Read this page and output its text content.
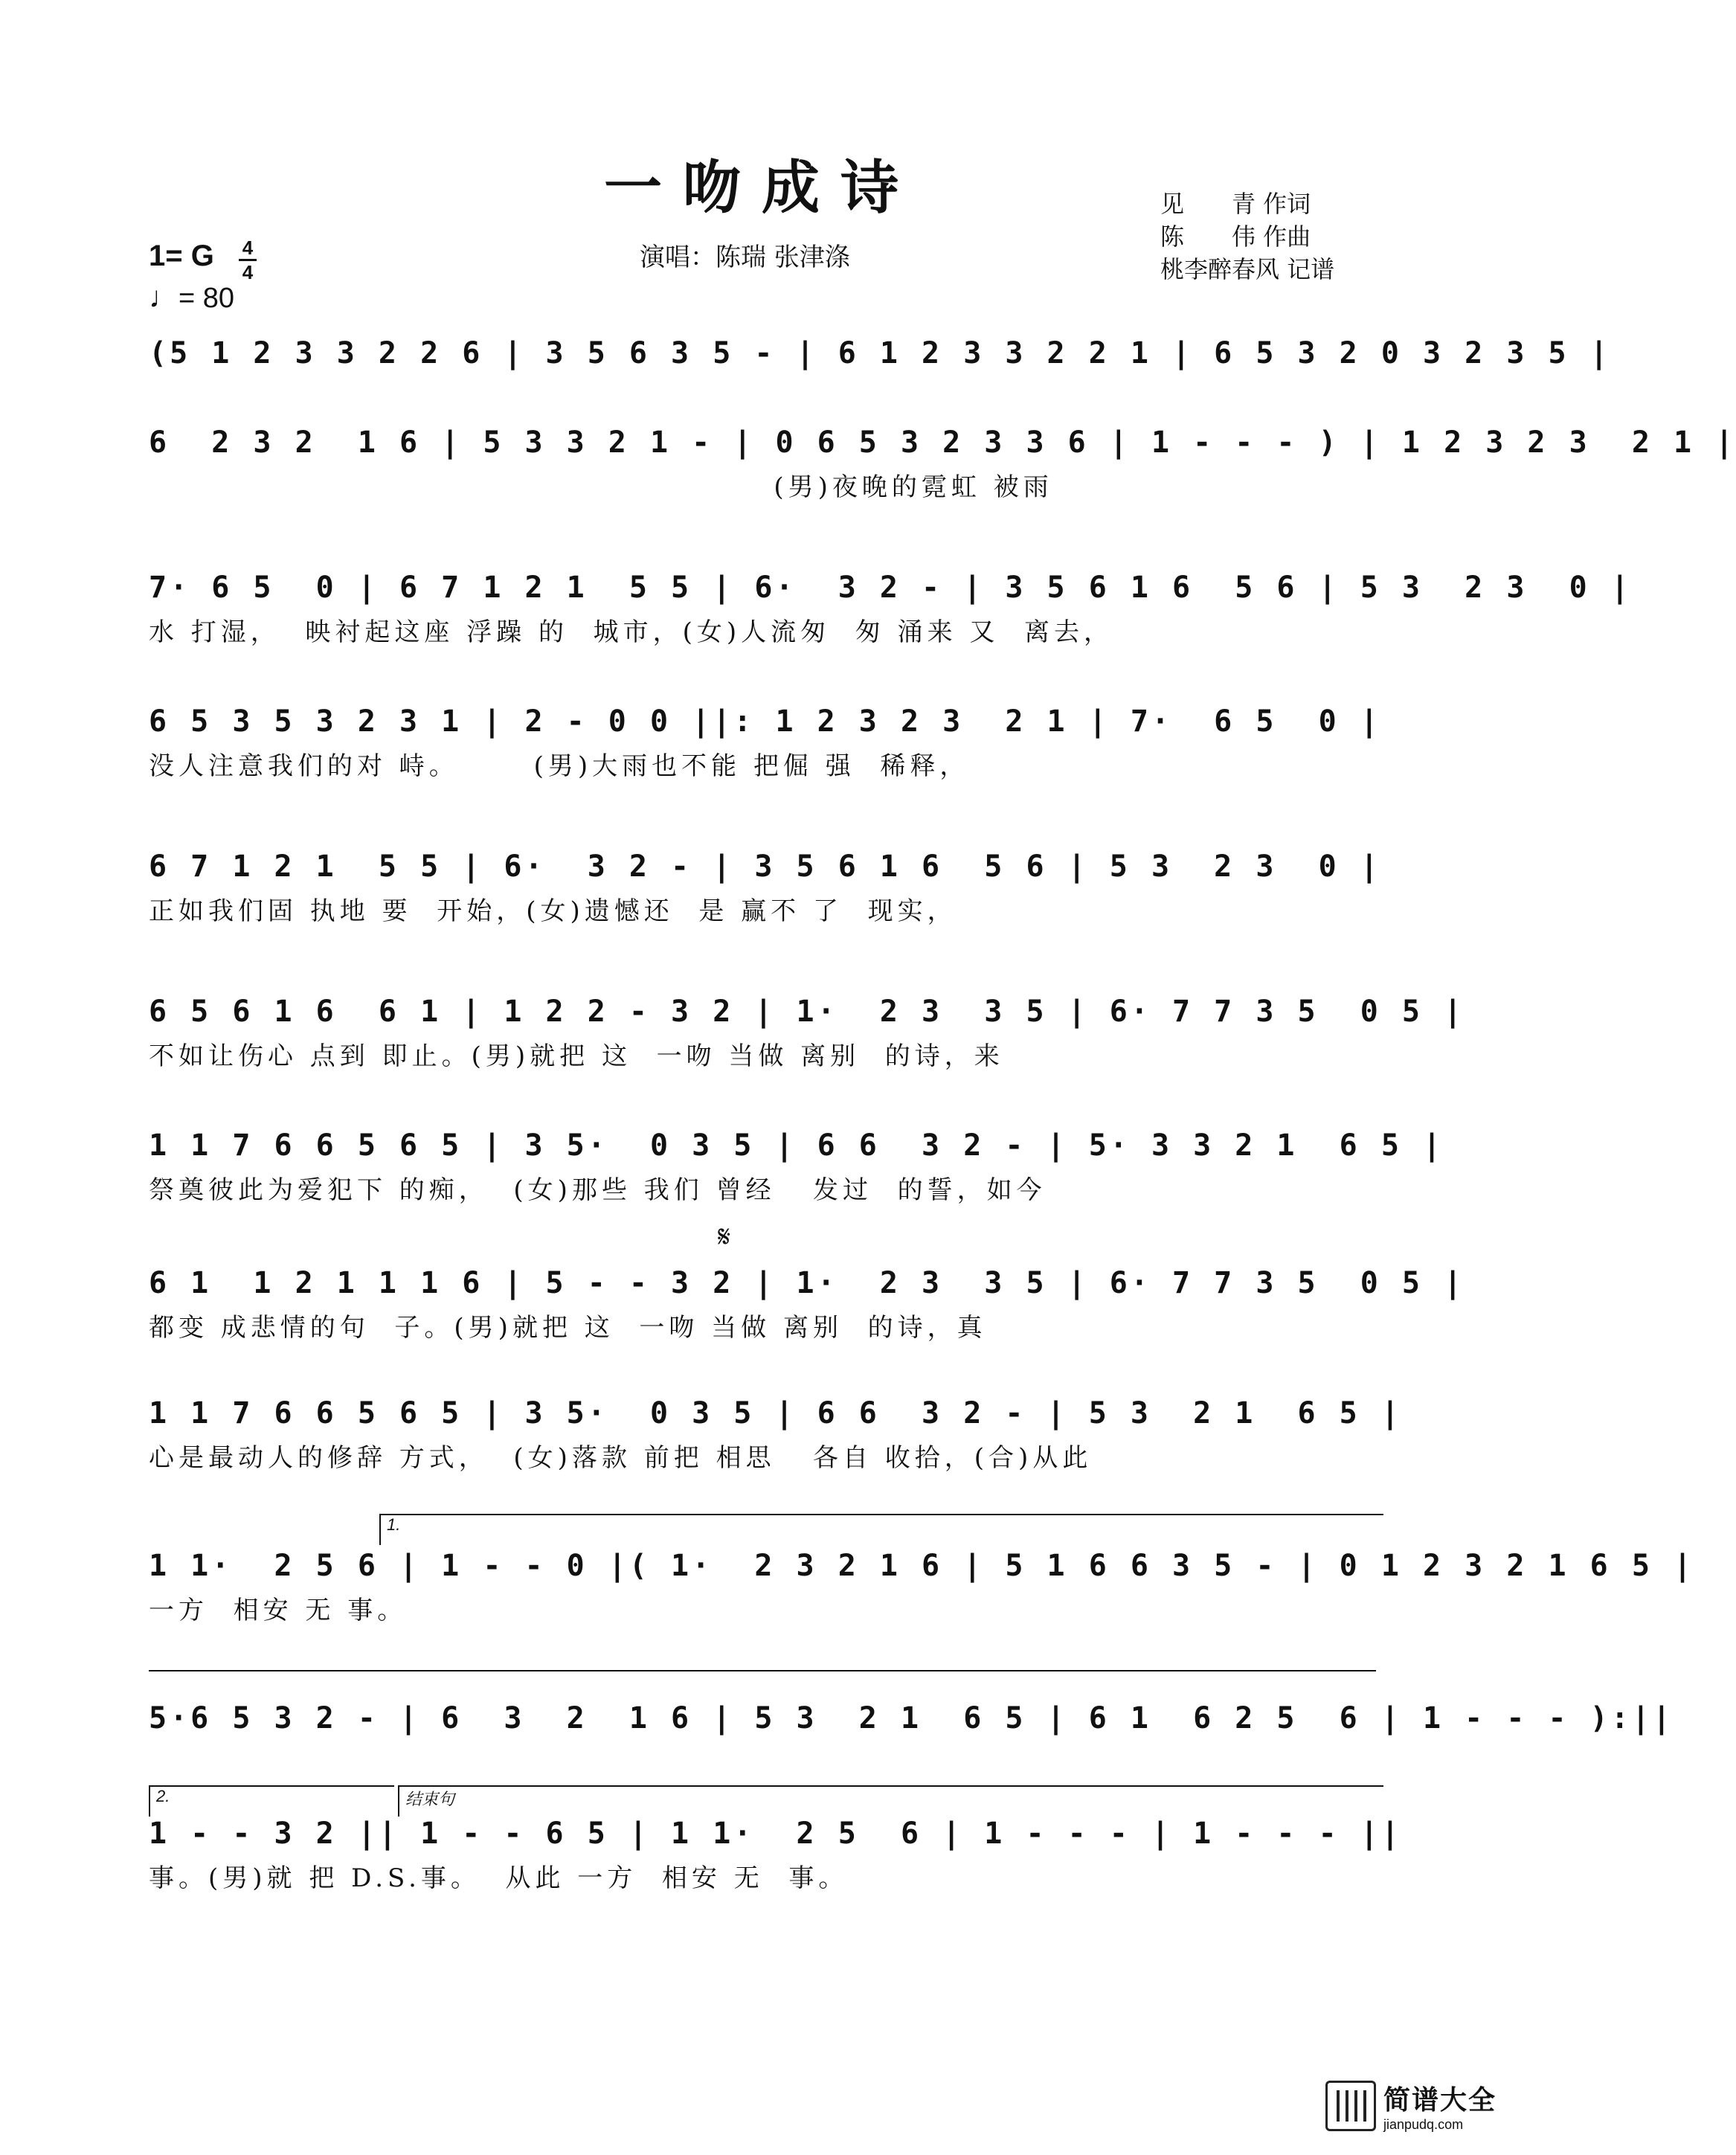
一吻成诗
演唱：陈瑞 张津涤
见　　青 作词
陈　　伟 作曲
桃李醉春风 记谱
1= G 4
4
♩= 80
(5 1 2 3 3 2 2 6 | 3 5 6 3 5 - | 6 1 2 3 3 2 2 1 | 6 5 3 2 0 3 2 3 5 |
6  2 3 2  1 6 | 5 3 3 2 1 - | 0 6 5 3 2 3 3 6 | 1 - - - ) | 1 2 3 2 3  2 1 |
(男)夜晚的霓虹 被雨
7· 6 5  0 | 6 7 1 2 1  5 5 | 6·  3 2 - | 3 5 6 1 6  5 6 | 5 3  2 3  0 |
水 打湿，  映衬起这座 浮躁 的  城市，(女)人流匆  匆 涌来 又  离去，
6 5 3 5 3 2 3 1 | 2 - 0 0 ||: 1 2 3 2 3  2 1 | 7·  6 5  0 |
没人注意我们的对 峙。      (男)大雨也不能 把倔 强  稀释，
6 7 1 2 1  5 5 | 6·  3 2 - | 3 5 6 1 6  5 6 | 5 3  2 3  0 |
正如我们固 执地 要  开始，(女)遗憾还  是 赢不 了  现实，
6 5 6 1 6  6 1 | 1 2 2 - 3 2 | 1·  2 3  3 5 | 6· 7 7 3 5  0 5 |
不如让伤心 点到 即止。(男)就把 这  一吻 当做 离别  的诗，来
1 1 7 6 6 5 6 5 | 3 5·  0 3 5 | 6 6  3 2 - | 5· 3 3 2 1  6 5 |
祭奠彼此为爱犯下 的痴，  (女)那些 我们 曾经   发过  的誓，如今
𝄋
6 1  1 2 1 1 1 6 | 5 - - 3 2 | 1·  2 3  3 5 | 6· 7 7 3 5  0 5 |
都变 成悲情的句  子。(男)就把 这  一吻 当做 离别  的诗，真
1 1 7 6 6 5 6 5 | 3 5·  0 3 5 | 6 6  3 2 - | 5 3  2 1  6 5 |
心是最动人的修辞 方式，  (女)落款 前把 相思   各自 收拾，(合)从此
1.
1 1·  2 5 6 | 1 - - 0 |( 1·  2 3 2 1 6 | 5 1 6 6 3 5 - | 0 1 2 3 2 1 6 5 |
一方  相安 无 事。
5·6 5 3 2 - | 6  3  2  1 6 | 5 3  2 1  6 5 | 6 1  6 2 5  6 | 1 - - - ):||
2.	结束句
1 - - 3 2 || 1 - - 6 5 | 1 1·  2 5  6 | 1 - - - | 1 - - - ||
事。(男)就 把 D.S.事。  从此 一方  相安 无  事。
简谱大全
jianpudq.com
